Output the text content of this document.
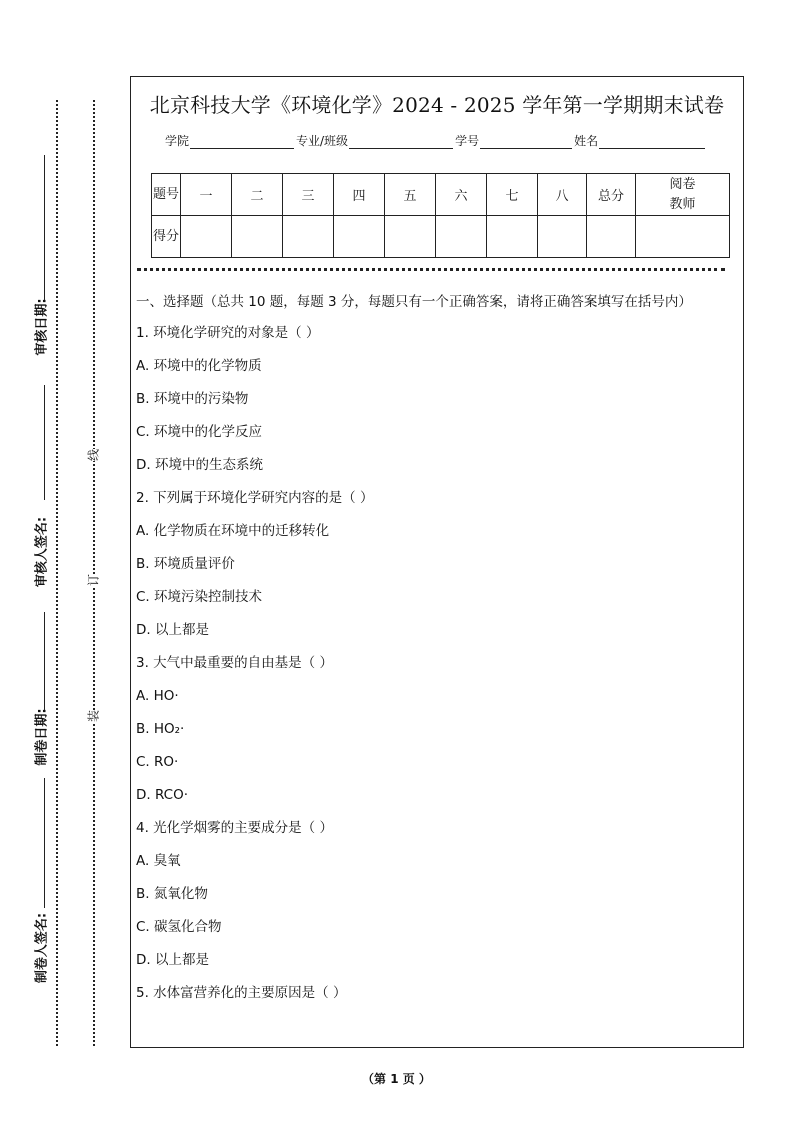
审核日期:
审核人签名:
制卷日期:
制卷人签名:
线
订
装
北京科技大学《环境化学》2024 - 2025 学年第一学期期末试卷
学院	专业/班级	学号	姓名
题号	一	二	三	四	五	六	七	八	总分	阅卷
教师
得分										
一、选择题（总共 10 题，每题 3 分，每题只有一个正确答案，请将正确答案填写在括号内）
1. 环境化学研究的对象是（ ）
A. 环境中的化学物质
B. 环境中的污染物
C. 环境中的化学反应
D. 环境中的生态系统
2. 下列属于环境化学研究内容的是（ ）
A. 化学物质在环境中的迁移转化
B. 环境质量评价
C. 环境污染控制技术
D. 以上都是
3. 大气中最重要的自由基是（ ）
A. HO·
B. HO₂·
C. RO·
D. RCO·
4. 光化学烟雾的主要成分是（ ）
A. 臭氧
B. 氮氧化物
C. 碳氢化合物
D. 以上都是
5. 水体富营养化的主要原因是（ ）
（第 1 页 ）
